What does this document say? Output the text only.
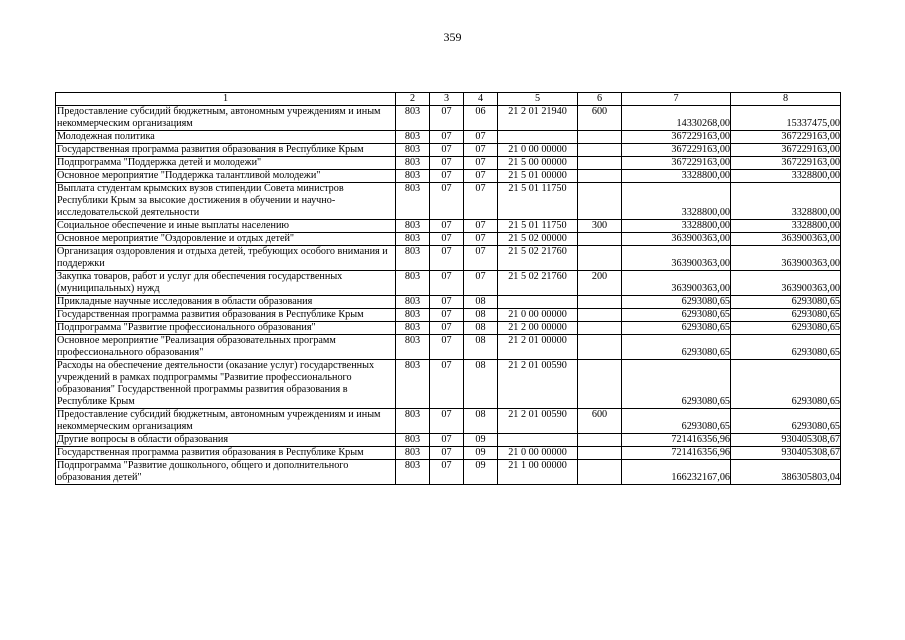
359
1	2	3	4	5	6	7	8
Предоставление субсидий бюджетным, автономным учреждениям и иным некоммерческим организациям	803	07	06	21 2 01 21940	600	14330268,00	15337475,00
Молодежная политика	803	07	07			367229163,00	367229163,00
Государственная программа развития образования в Республике Крым	803	07	07	21 0 00 00000		367229163,00	367229163,00
Подпрограмма "Поддержка детей и молодежи"	803	07	07	21 5 00 00000		367229163,00	367229163,00
Основное мероприятие "Поддержка талантливой молодежи"	803	07	07	21 5 01 00000		3328800,00	3328800,00
Выплата студентам крымских вузов стипендии Совета министров Республики Крым за высокие достижения в обучении и научно-исследовательской деятельности	803	07	07	21 5 01 11750		3328800,00	3328800,00
Социальное обеспечение и иные выплаты населению	803	07	07	21 5 01 11750	300	3328800,00	3328800,00
Основное мероприятие "Оздоровление и отдых детей"	803	07	07	21 5 02 00000		363900363,00	363900363,00
Организация оздоровления и отдыха детей, требующих особого внимания и поддержки	803	07	07	21 5 02 21760		363900363,00	363900363,00
Закупка товаров, работ и услуг для обеспечения государственных (муниципальных) нужд	803	07	07	21 5 02 21760	200	363900363,00	363900363,00
Прикладные научные исследования в области образования	803	07	08			6293080,65	6293080,65
Государственная программа развития образования в Республике Крым	803	07	08	21 0 00 00000		6293080,65	6293080,65
Подпрограмма "Развитие профессионального образования"	803	07	08	21 2 00 00000		6293080,65	6293080,65
Основное мероприятие "Реализация образовательных программ профессионального образования"	803	07	08	21 2 01 00000		6293080,65	6293080,65
Расходы на обеспечение деятельности (оказание услуг) государственных учреждений в рамках подпрограммы "Развитие профессионального образования" Государственной программы развития образования в Республике Крым	803	07	08	21 2 01 00590		6293080,65	6293080,65
Предоставление субсидий бюджетным, автономным учреждениям и иным некоммерческим организациям	803	07	08	21 2 01 00590	600	6293080,65	6293080,65
Другие вопросы в области образования	803	07	09			721416356,96	930405308,67
Государственная программа развития образования в Республике Крым	803	07	09	21 0 00 00000		721416356,96	930405308,67
Подпрограмма "Развитие дошкольного, общего и дополнительного образования детей"	803	07	09	21 1 00 00000		166232167,06	386305803,04
